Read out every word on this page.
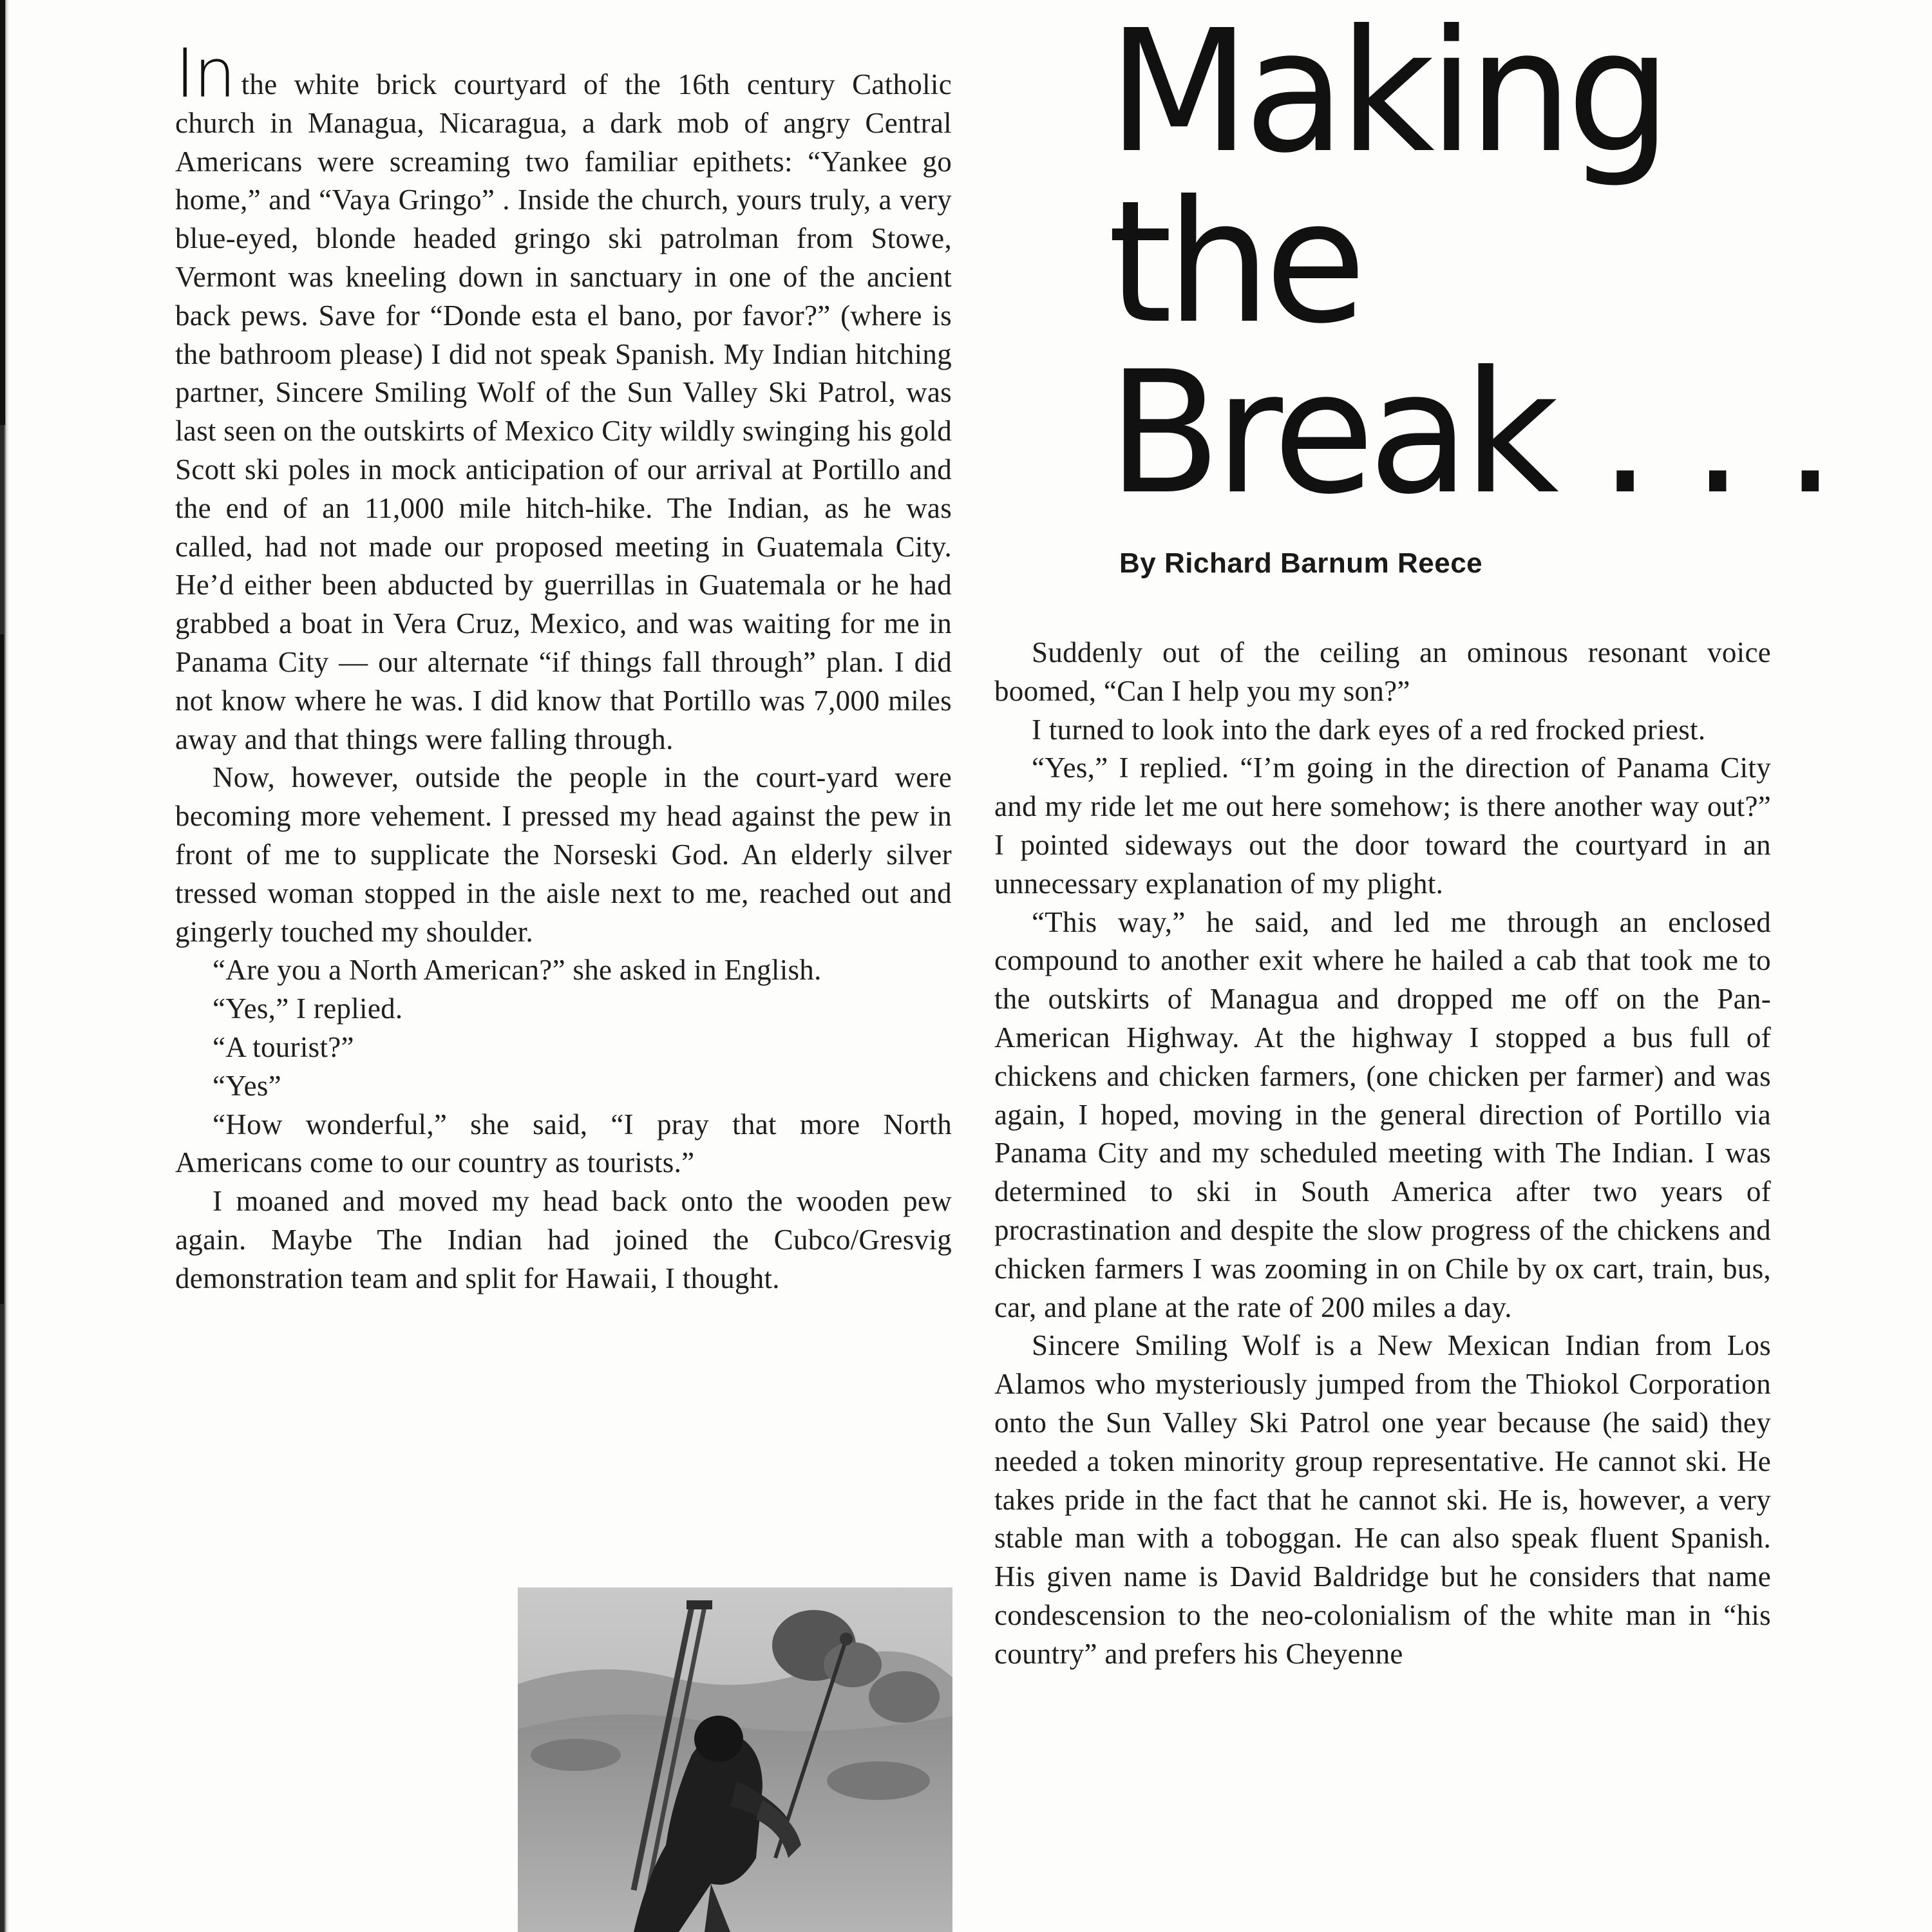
In the white brick courtyard of the 16th century Catholic church in Managua, Nicaragua, a dark mob of angry Central Americans were screaming two familiar epithets: “Yankee go home,” and “Vaya Gringo” . Inside the church, yours truly, a very blue-eyed, blonde headed gringo ski patrolman from Stowe, Vermont was kneeling down in sanctuary in one of the ancient back pews. Save for “Donde esta el bano, por favor?” (where is the bathroom please) I did not speak Spanish. My Indian hitching partner, Sincere Smiling Wolf of the Sun Valley Ski Patrol, was last seen on the outskirts of Mexico City wildly swinging his gold Scott ski poles in mock anticipation of our arrival at Portillo and the end of an 11,000 mile hitch-hike. The Indian, as he was called, had not made our proposed meeting in Guatemala City. He’d either been abducted by guerrillas in Guatemala or he had grabbed a boat in Vera Cruz, Mexico, and was waiting for me in Panama City — our alternate “if things fall through” plan. I did not know where he was. I did know that Portillo was 7,000 miles away and that things were falling through.

Now, however, outside the people in the court-yard were becoming more vehement. I pressed my head against the pew in front of me to supplicate the Norseski God. An elderly silver tressed woman stopped in the aisle next to me, reached out and gingerly touched my shoulder.

“Are you a North American?” she asked in English.

“Yes,” I replied.

“A tourist?”

“Yes”

“How wonderful,” she said, “I pray that more North Americans come to our country as tourists.”

I moaned and moved my head back onto the wooden pew again. Maybe The Indian had joined the Cubco/Gresvig demonstration team and split for Hawaii, I thought.

Making
the
Break . . .
By Richard Barnum Reece

Suddenly out of the ceiling an ominous resonant voice boomed, “Can I help you my son?”

I turned to look into the dark eyes of a red frocked priest.

“Yes,” I replied. “I’m going in the direction of Panama City and my ride let me out here somehow; is there another way out?” I pointed sideways out the door toward the courtyard in an unnecessary explanation of my plight.

“This way,” he said, and led me through an enclosed compound to another exit where he hailed a cab that took me to the outskirts of Managua and dropped me off on the Pan-American Highway. At the highway I stopped a bus full of chickens and chicken farmers, (one chicken per farmer) and was again, I hoped, moving in the general direction of Portillo via Panama City and my scheduled meeting with The Indian. I was determined to ski in South America after two years of procrastination and despite the slow progress of the chickens and chicken farmers I was zooming in on Chile by ox cart, train, bus, car, and plane at the rate of 200 miles a day.

Sincere Smiling Wolf is a New Mexican Indian from Los Alamos who mysteriously jumped from the Thiokol Corporation onto the Sun Valley Ski Patrol one year because (he said) they needed a token minority group representative. He cannot ski. He takes pride in the fact that he cannot ski. He is, however, a very stable man with a toboggan. He can also speak fluent Spanish. His given name is David Baldridge but he considers that name condescension to the neo-colonialism of the white man in “his country” and prefers his Cheyenne
